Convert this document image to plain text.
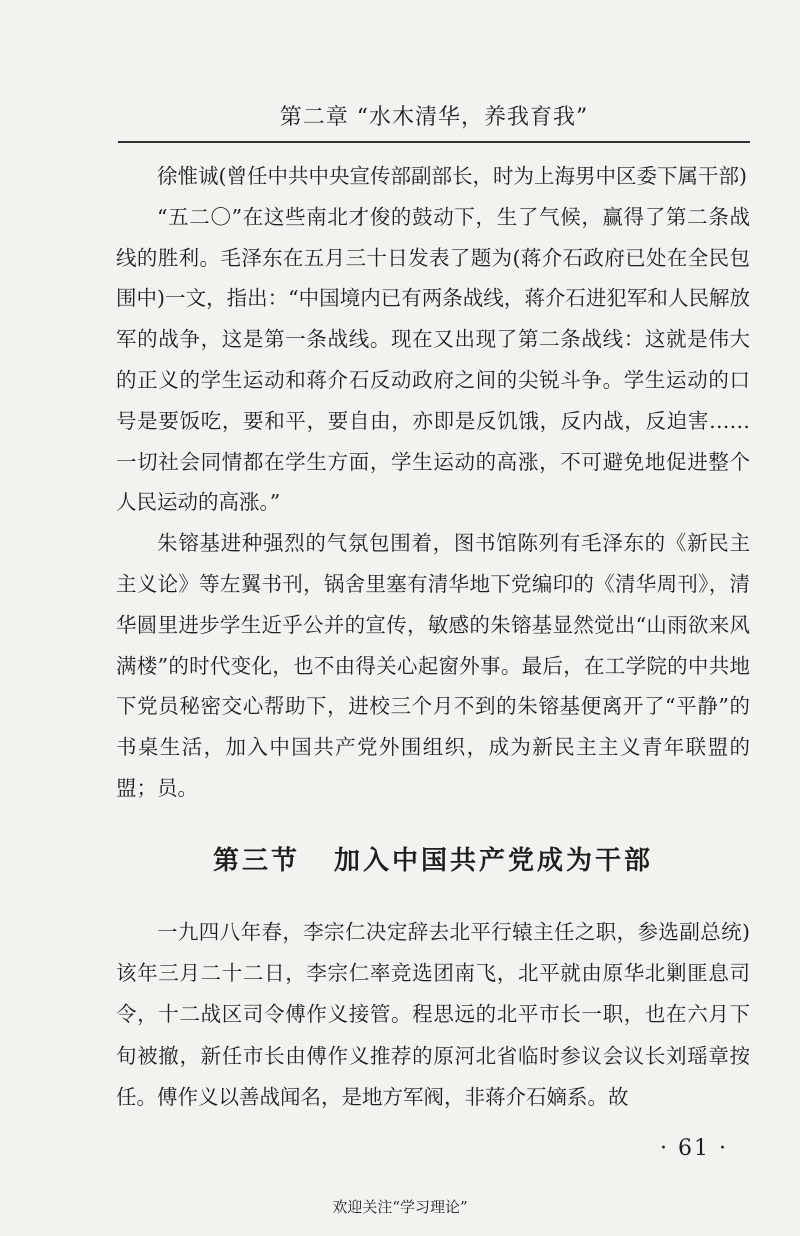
第二章 “水木清华，养我育我”

徐惟诚(曾任中共中央宣传部副部长，时为上海男中区委下属干部)

“五二〇”在这些南北才俊的鼓动下，生了气候，赢得了第二条战线的胜利。毛泽东在五月三十日发表了题为(蒋介石政府已处在全民包围中)一文，指出：“中国境内已有两条战线，蒋介石进犯军和人民解放军的战争，这是第一条战线。现在又出现了第二条战线：这就是伟大的正义的学生运动和蒋介石反动政府之间的尖锐斗争。学生运动的口号是要饭吃，要和平，要自由，亦即是反饥饿，反内战，反迫害……一切社会同情都在学生方面，学生运动的高涨，不可避免地促进整个人民运动的高涨。”

朱镕基进种强烈的气氛包围着，图书馆陈列有毛泽东的《新民主主义论》等左翼书刊，锅舍里塞有清华地下党编印的《清华周刊》，清华圆里进步学生近乎公并的宣传，敏感的朱镕基显然觉出“山雨欲来风满楼”的时代变化，也不由得关心起窗外事。最后，在工学院的中共地下党员秘密交心帮助下，进校三个月不到的朱镕基便离开了“平静”的书桌生活，加入中国共产党外围组织，成为新民主主义青年联盟的盟；员。

第三节 加入中国共产党成为干部

一九四八年春，李宗仁决定辞去北平行辕主任之职，参选副总统)该年三月二十二日，李宗仁率竞选团南飞，北平就由原华北剿匪息司令，十二战区司令傅作义接管。程思远的北平市长一职，也在六月下旬被撤，新任市长由傅作义推荐的原河北省临时参议会议长刘瑶章按任。傅作义以善战闻名，是地方军阀，非蒋介石嫡系。故

· 61 ·
欢迎关注“学习理论”
